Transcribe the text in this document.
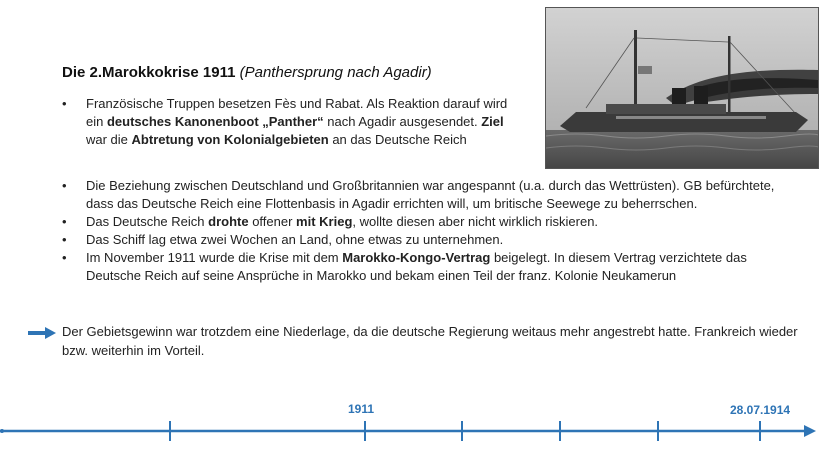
Die 2.Marokkokrise 1911 (Panthersprung nach Agadir)
• Französische Truppen besetzen Fès und Rabat. Als Reaktion darauf wird ein deutsches Kanonenboot „Panther“ nach Agadir ausgesendet. Ziel war die Abtretung von Kolonialgebieten an das Deutsche Reich
• Die Beziehung zwischen Deutschland und Großbritannien war angespannt (u.a. durch das Wettrüsten). GB befürchtete, dass das Deutsche Reich eine Flottenbasis in Agadir errichten will, um britische Seewege zu beherrschen.
• Das Deutsche Reich drohte offener mit Krieg, wollte diesen aber nicht wirklich riskieren.
• Das Schiff lag etwa zwei Wochen an Land, ohne etwas zu unternehmen.
• Im November 1911 wurde die Krise mit dem Marokko-Kongo-Vertrag beigelegt. In diesem Vertrag verzichtete das Deutsche Reich auf seine Ansprüche in Marokko und bekam einen Teil der franz. Kolonie Neukamerun
Der Gebietsgewinn war trotzdem eine Niederlage, da die deutsche Regierung weitaus mehr angestrebt hatte. Frankreich wieder bzw. weiterhin im Vorteil.
1911	28.07.1914
